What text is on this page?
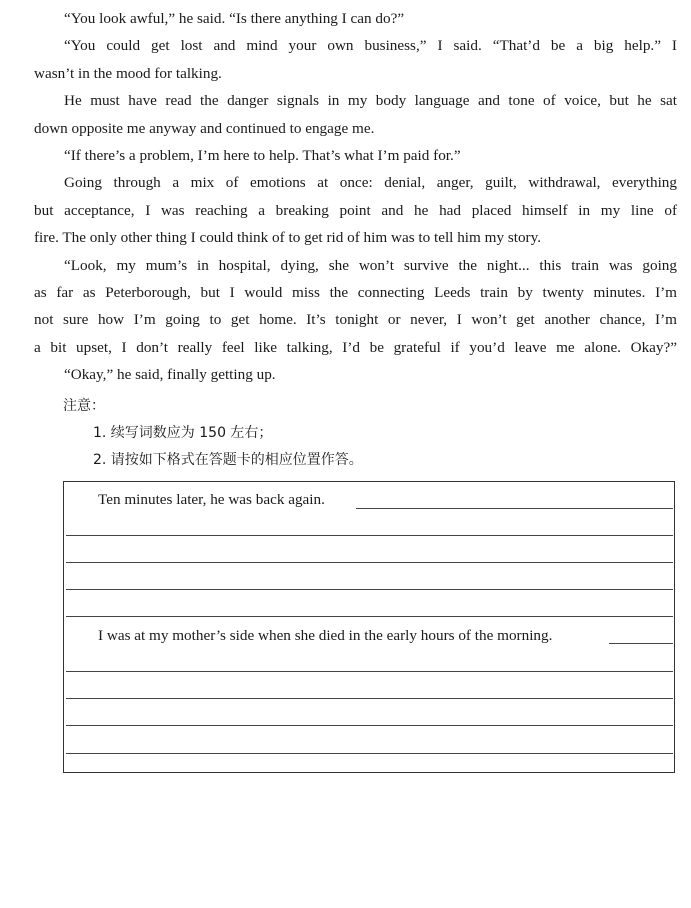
“You look awful,” he said. “Is there anything I can do?”
“You could get lost and mind your own business,” I said. “That’d be a big help.” I
wasn’t in the mood for talking.
He must have read the danger signals in my body language and tone of voice, but he sat
down opposite me anyway and continued to engage me.
“If there’s a problem, I’m here to help. That’s what I’m paid for.”
Going through a mix of emotions at once: denial, anger, guilt, withdrawal, everything
but acceptance, I was reaching a breaking point and he had placed himself in my line of
fire. The only other thing I could think of to get rid of him was to tell him my story.
“Look, my mum’s in hospital, dying, she won’t survive the night... this train was going
as far as Peterborough, but I would miss the connecting Leeds train by twenty minutes. I’m
not sure how I’m going to get home. It’s tonight or never, I won’t get another chance, I’m
a bit upset, I don’t really feel like talking, I’d be grateful if you’d leave me alone. Okay?”
“Okay,” he said, finally getting up.
注意：
1. 续写词数应为 150 左右；
2. 请按如下格式在答题卡的相应位置作答。
Ten minutes later, he was back again.
I was at my mother’s side when she died in the early hours of the morning.
